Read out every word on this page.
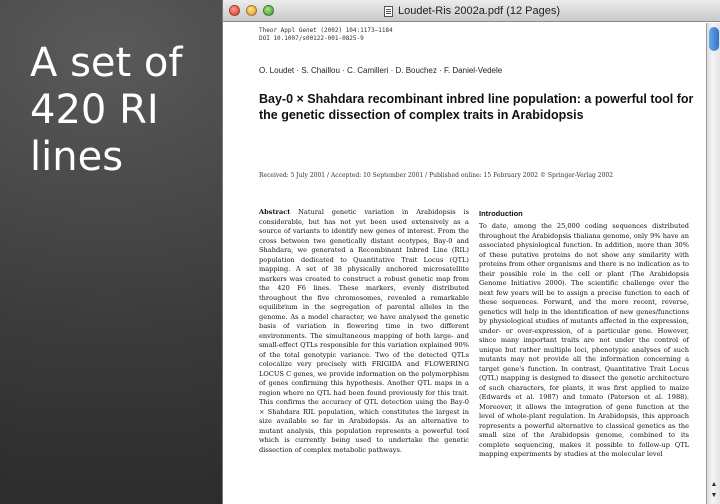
A set of 420 RI lines
Loudet-Ris 2002a.pdf (12 Pages)
Theor Appl Genet (2002) 104:1173–1184
DOI 10.1007/s00122-001-0825-9
O. Loudet · S. Chaillou · C. Camilleri · D. Bouchez · F. Daniel-Vedele
Bay-0 × Shahdara recombinant inbred line population: a powerful tool for the genetic dissection of complex traits in Arabidopsis
Received: 5 July 2001 / Accepted: 10 September 2001 / Published online: 15 February 2002 © Springer-Verlag 2002
Abstract Natural genetic variation in Arabidopsis is considerable, but has not yet been used extensively as a source of variants to identify new genes of interest. From the cross between two genetically distant ecotypes, Bay-0 and Shahdara, we generated a Recombinant Inbred Line (RIL) population dedicated to Quantitative Trait Locus (QTL) mapping. A set of 38 physically anchored microsatellite markers was created to construct a robust genetic map from the 420 F6 lines. These markers, evenly distributed throughout the five chromosomes, revealed a remarkable equilibrium in the segregation of parental alleles in the genome. As a model character, we have analysed the genetic basis of variation in flowering time in two different environments. The simultaneous mapping of both large- and small-effect QTLs responsible for this variation explained 90% of the total genotypic variance. Two of the detected QTLs colocalize very precisely with FRIGIDA and FLOWERING LOCUS C genes, we provide information on the polymorphism of genes confirming this hypothesis. Another QTL maps in a region where no QTL had been found previously for this trait. This confirms the accuracy of QTL detection using the Bay-0 × Shahdara RIL population, which constitutes the largest in size available so far in Arabidopsis. As an alternative to mutant analysis, this population represents a powerful tool which is currently being used to undertake the genetic dissection of complex metabolic pathways.
Introduction
To date, among the 25,000 coding sequences distributed throughout the Arabidopsis thaliana genome, only 9% have an associated physiological function. In addition, more than 30% of these putative proteins do not show any similarity with proteins from other organisms and there is no indication as to their possible role in the cell or plant (The Arabidopsis Genome Initiative 2000). The scientific challenge over the next few years will be to assign a precise function to each of these sequences. Forward, and the more recent, reverse, genetics will help in the identification of new genes/functions by physiological studies of mutants affected in the expression, under- or over-expression, of a particular gene. However, since many important traits are not under the control of unique but rather multiple loci, phenotypic analyses of such mutants may not provide all the information concerning a target gene's function. In contrast, Quantitative Trait Locus (QTL) mapping is designed to dissect the genetic architecture of such characters, for plants, it was first applied to maize (Edwards et al. 1987) and tomato (Paterson et al. 1988). Moreover, it allows the integration of gene function at the level of whole-plant regulation. In Arabidopsis, this approach represents a powerful alternative to classical genetics as the small size of the Arabidopsis genome, combined to its complete sequencing, makes it possible to follow-up QTL mapping experiments by studies at the molecular level
▲
▼
